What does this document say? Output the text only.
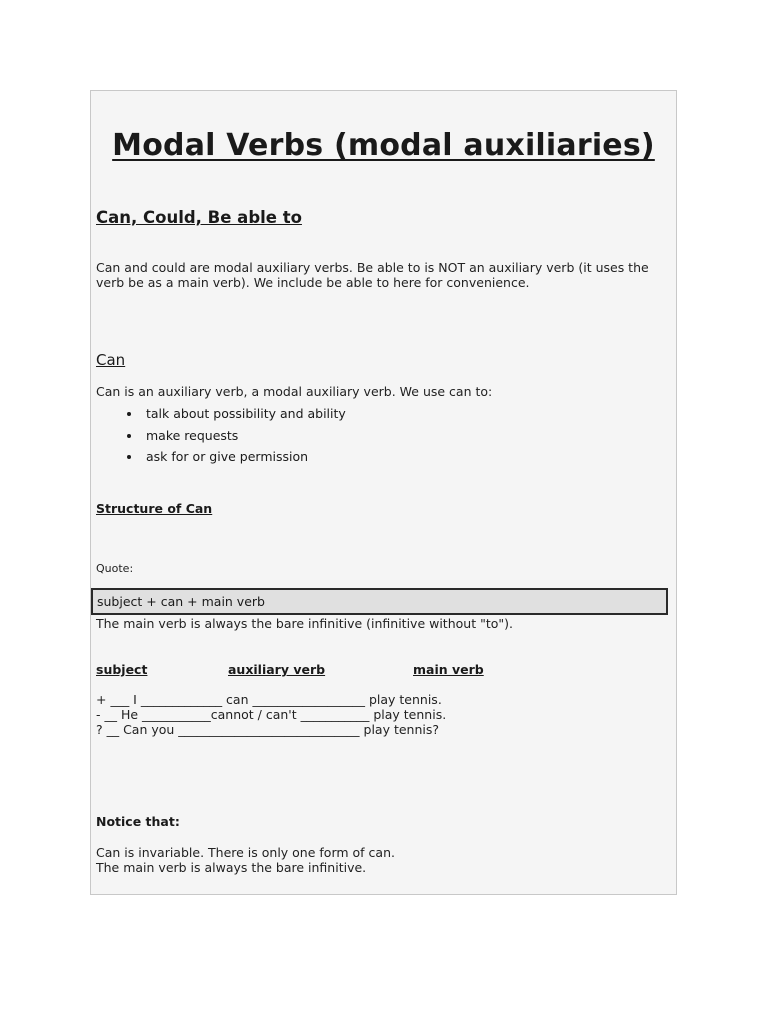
Modal Verbs (modal auxiliaries)
Can, Could, Be able to
Can and could are modal auxiliary verbs. Be able to is NOT an auxiliary verb (it uses the
verb be as a main verb). We include be able to here for convenience.
Can
Can is an auxiliary verb, a modal auxiliary verb. We use can to:
• talk about possibility and ability
• make requests
• ask for or give permission
Structure of Can
Quote:
subject + can + main verb
The main verb is always the bare infinitive (infinitive without "to").
subject	auxiliary verb	main verb
+ ___ I _____________ can __________________ play tennis.
- __ He ___________cannot / can't ___________ play tennis.
? __ Can you _____________________________ play tennis?
Notice that:
Can is invariable. There is only one form of can.
The main verb is always the bare infinitive.
